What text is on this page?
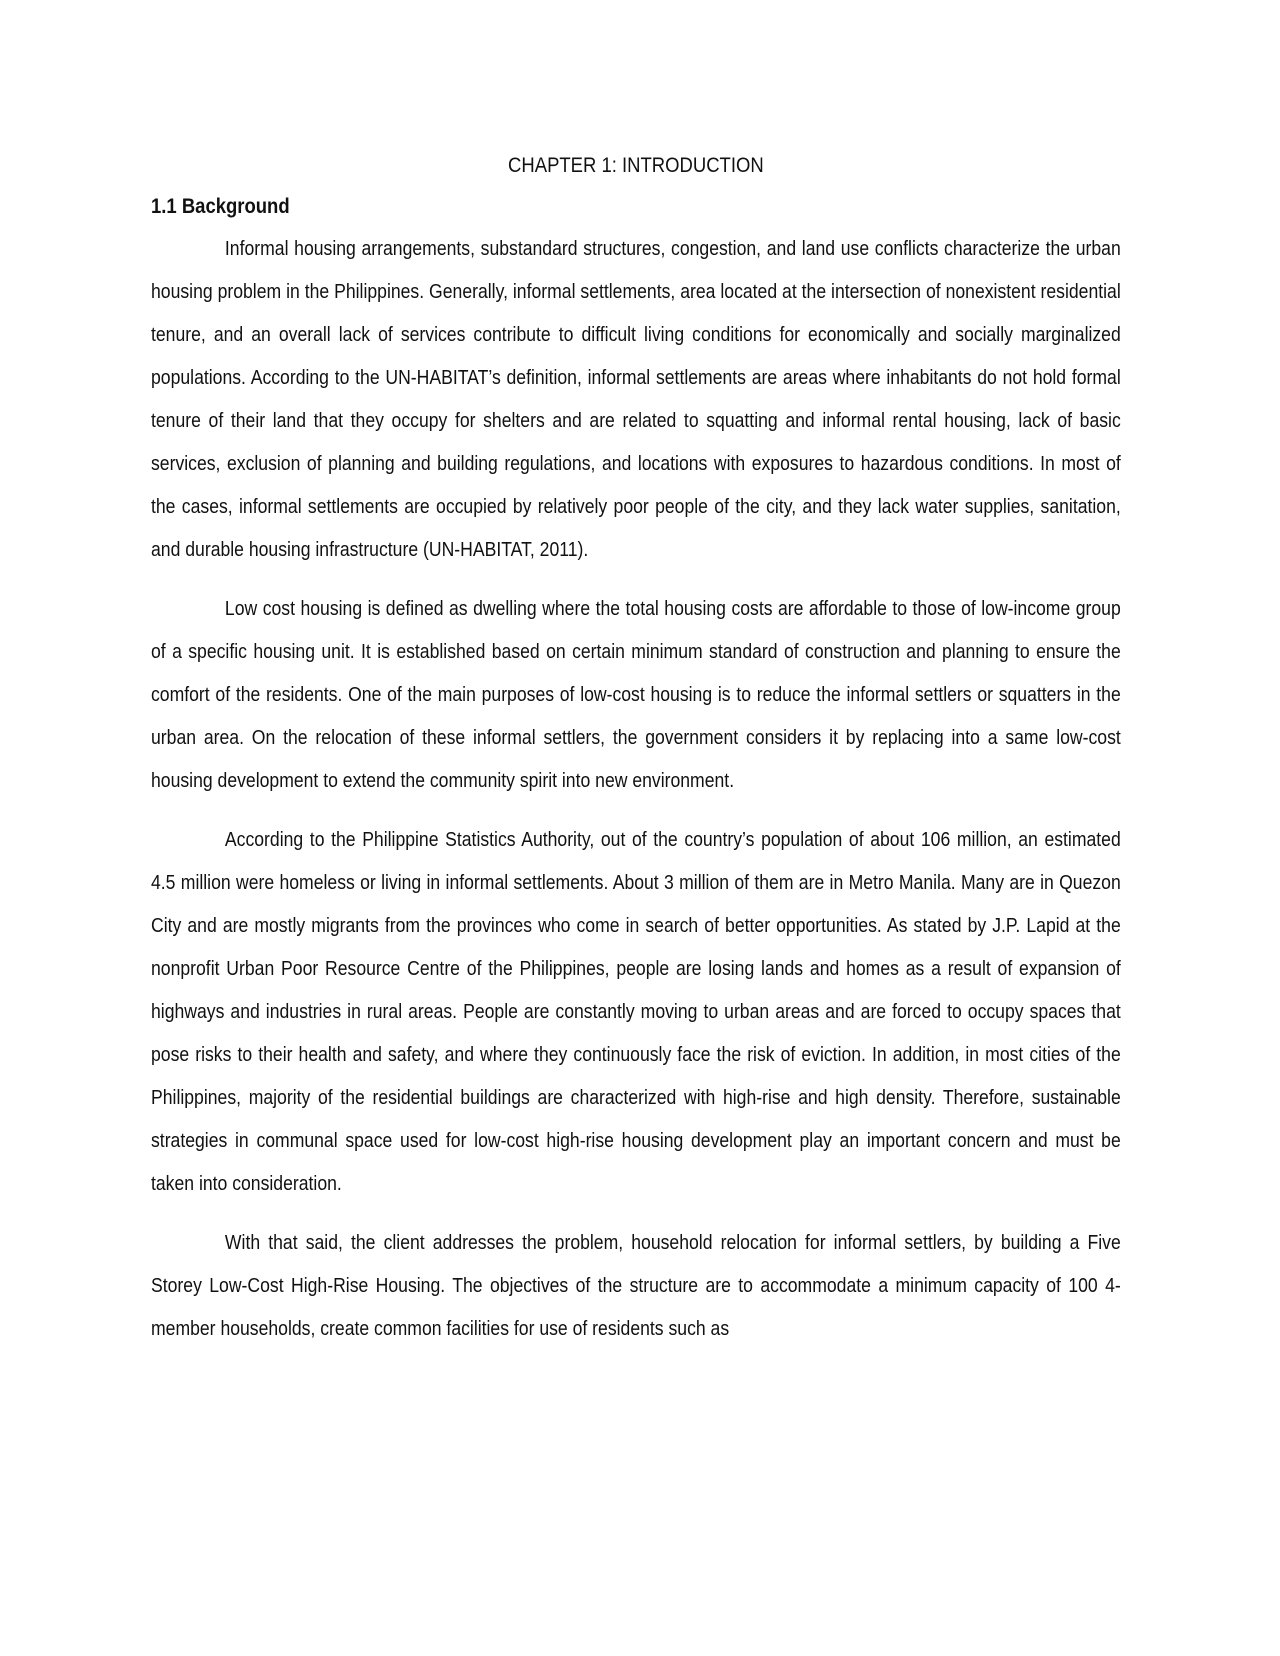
CHAPTER 1: INTRODUCTION
1.1 Background

Informal housing arrangements, substandard structures, congestion, and land use conflicts characterize the urban housing problem in the Philippines. Generally, informal settlements, area located at the intersection of nonexistent residential tenure, and an overall lack of services contribute to difficult living conditions for economically and socially marginalized populations. According to the UN-HABITAT’s definition, informal settlements are areas where inhabitants do not hold formal tenure of their land that they occupy for shelters and are related to squatting and informal rental housing, lack of basic services, exclusion of planning and building regulations, and locations with exposures to hazardous conditions. In most of the cases, informal settlements are occupied by relatively poor people of the city, and they lack water supplies, sanitation, and durable housing infrastructure (UN-HABITAT, 2011).

Low cost housing is defined as dwelling where the total housing costs are affordable to those of low-income group of a specific housing unit. It is established based on certain minimum standard of construction and planning to ensure the comfort of the residents. One of the main purposes of low-cost housing is to reduce the informal settlers or squatters in the urban area. On the relocation of these informal settlers, the government considers it by replacing into a same low-cost housing development to extend the community spirit into new environment.

According to the Philippine Statistics Authority, out of the country’s population of about 106 million, an estimated 4.5 million were homeless or living in informal settlements. About 3 million of them are in Metro Manila. Many are in Quezon City and are mostly migrants from the provinces who come in search of better opportunities. As stated by J.P. Lapid at the nonprofit Urban Poor Resource Centre of the Philippines, people are losing lands and homes as a result of expansion of highways and industries in rural areas. People are constantly moving to urban areas and are forced to occupy spaces that pose risks to their health and safety, and where they continuously face the risk of eviction. In addition, in most cities of the Philippines, majority of the residential buildings are characterized with high-rise and high density. Therefore, sustainable strategies in communal space used for low-cost high-rise housing development play an important concern and must be taken into consideration.

With that said, the client addresses the problem, household relocation for informal settlers, by building a Five Storey Low-Cost High-Rise Housing. The objectives of the structure are to accommodate a minimum capacity of 100 4-member households, create common facilities for use of residents such as
